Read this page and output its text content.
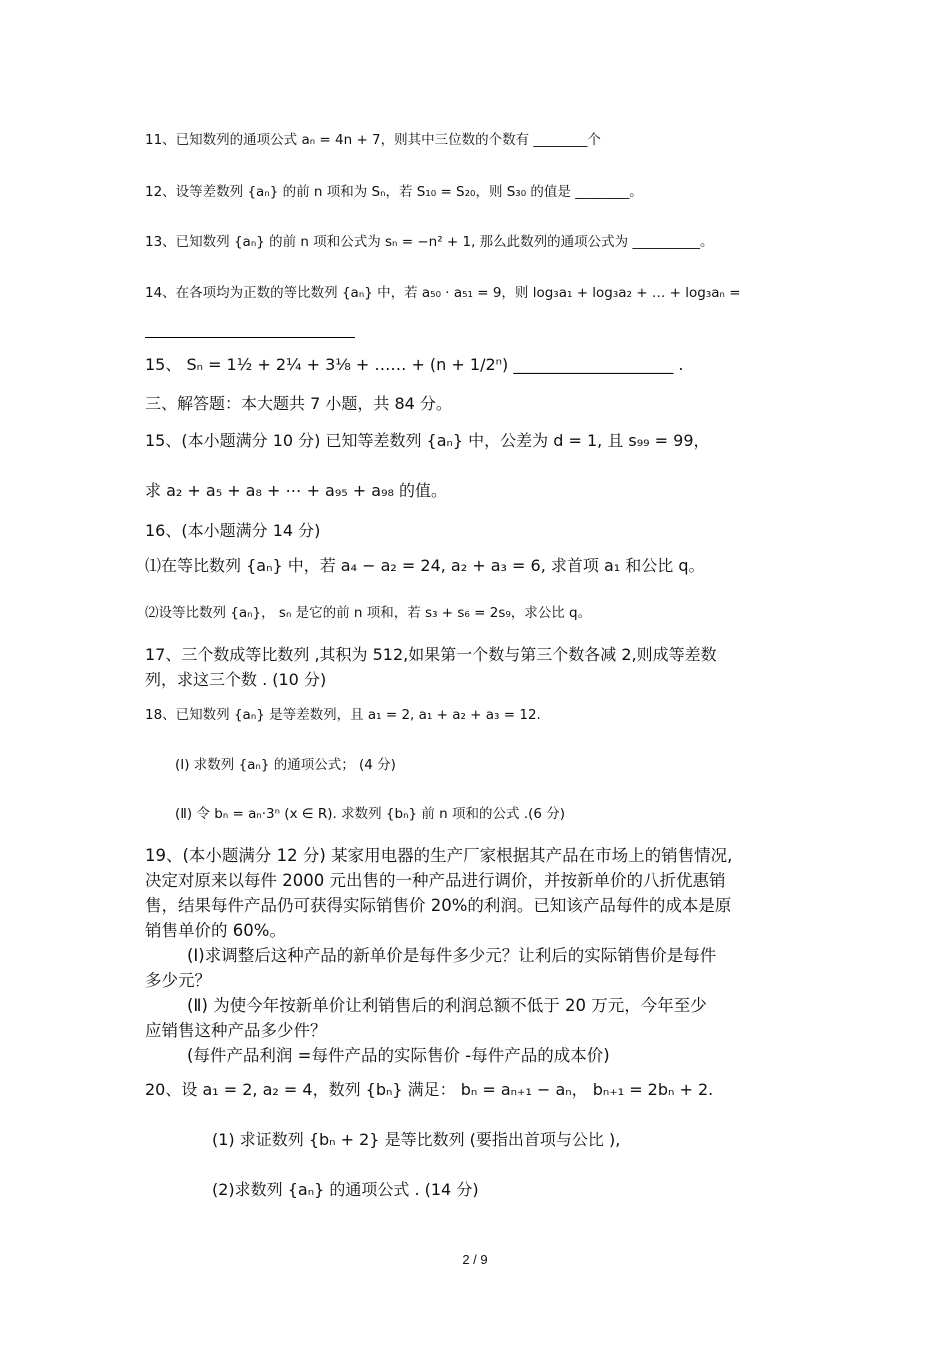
11、已知数列的通项公式 aₙ = 4n + 7，则其中三位数的个数有 ________个
12、设等差数列 {aₙ} 的前 n 项和为 Sₙ，若 S₁₀ = S₂₀，则 S₃₀ 的值是 ________。
13、已知数列 {aₙ} 的前 n 项和公式为 sₙ = −n² + 1, 那么此数列的通项公式为 __________。
14、在各项均为正数的等比数列 {aₙ} 中，若 a₅₀ · a₅₁ = 9，则 log₃a₁ + log₃a₂ + … + log₃aₙ =
15、 Sₙ = 1½ + 2¼ + 3⅛ + …… + (n + 1/2ⁿ) ____________________ .
三、解答题：本大题共 7 小题，共 84 分。
15、(本小题满分 10 分) 已知等差数列 {aₙ} 中，公差为 d = 1, 且 s₉₉ = 99，
求 a₂ + a₅ + a₈ + ⋯ + a₉₅ + a₉₈ 的值。
16、(本小题满分 14 分)
⑴在等比数列 {aₙ} 中，若 a₄ − a₂ = 24, a₂ + a₃ = 6, 求首项 a₁ 和公比 q。
⑵设等比数列 {aₙ}， sₙ 是它的前 n 项和，若 s₃ + s₆ = 2s₉，求公比 q。
17、三个数成等比数列 ,其积为 512,如果第一个数与第三个数各减 2,则成等差数
列，求这三个数 . (10 分)
18、已知数列 {aₙ} 是等差数列，且 a₁ = 2, a₁ + a₂ + a₃ = 12.
(Ⅰ) 求数列 {aₙ} 的通项公式； (4 分)
(Ⅱ) 令 bₙ = aₙ·3ⁿ (x ∈ R). 求数列 {bₙ} 前 n 项和的公式 .(6 分)

19、(本小题满分 12 分) 某家用电器的生产厂家根据其产品在市场上的销售情况,

决定对原来以每件 2000 元出售的一种产品进行调价，并按新单价的八折优惠销

售，结果每件产品仍可获得实际销售价 20%的利润。已知该产品每件的成本是原

销售单价的 60%。

(Ⅰ)求调整后这种产品的新单价是每件多少元？让利后的实际销售价是每件

多少元？

(Ⅱ) 为使今年按新单价让利销售后的利润总额不低于 20 万元，今年至少

应销售这种产品多少件？

(每件产品利润 =每件产品的实际售价 -每件产品的成本价)

20、设 a₁ = 2, a₂ = 4，数列 {bₙ} 满足： bₙ = aₙ₊₁ − aₙ， bₙ₊₁ = 2bₙ + 2.
(1) 求证数列 {bₙ + 2} 是等比数列 (要指出首项与公比 ),
(2)求数列 {aₙ} 的通项公式 . (14 分)
2 / 9
